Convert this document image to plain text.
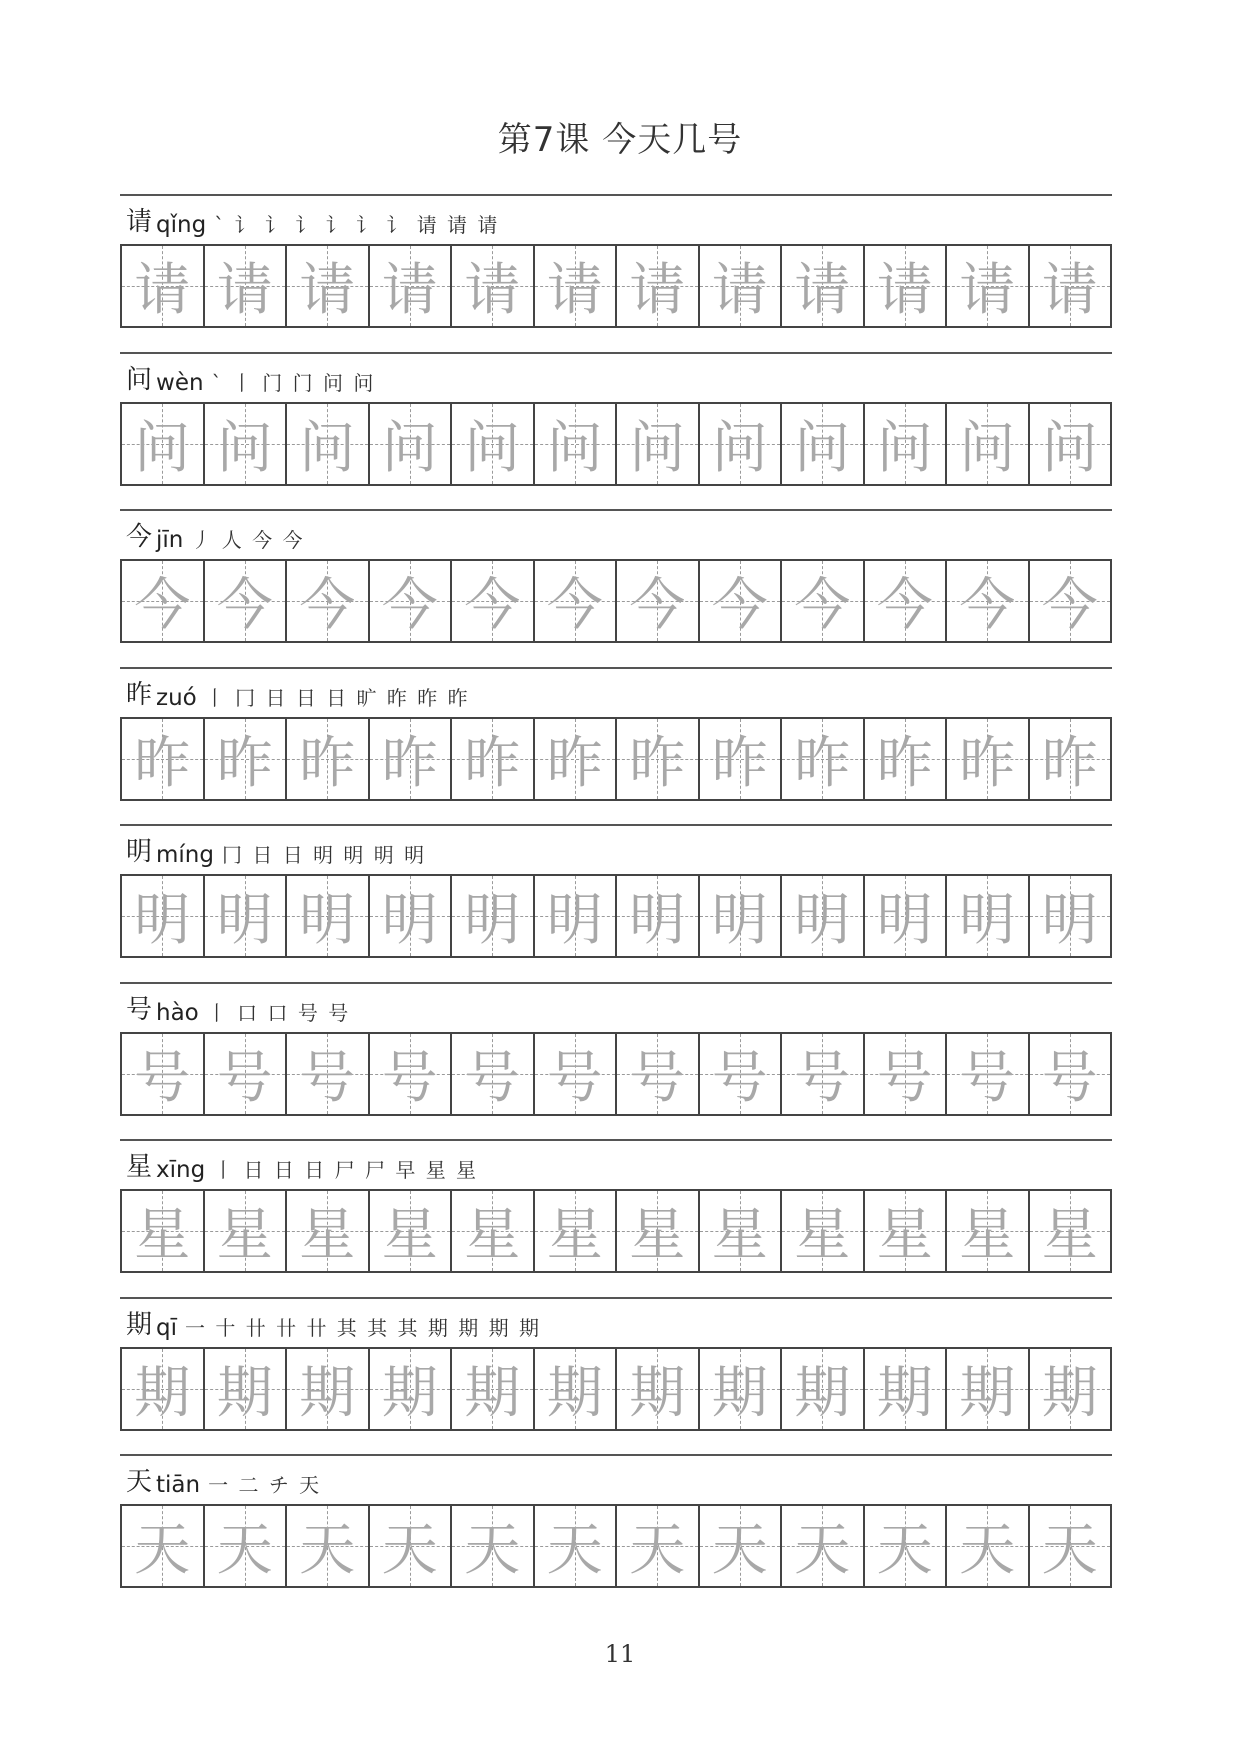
第7课 今天几号
请 qǐng ` 讠 讠 讠 讠 讠 讠 请 请 请
请 请 请 请 请 请 请 请 请 请 请 请
问 wèn ` 丨 门 门 问 问
问 问 问 问 问 问 问 问 问 问 问 问
今 jīn 丿 人 今 今
今 今 今 今 今 今 今 今 今 今 今 今
昨 zuó 丨 冂 日 日 日 旷 昨 昨 昨
昨 昨 昨 昨 昨 昨 昨 昨 昨 昨 昨 昨
明 míng 冂 日 日 明 明 明 明
明 明 明 明 明 明 明 明 明 明 明 明
号 hào 丨 口 口 号 号
号 号 号 号 号 号 号 号 号 号 号 号
星 xīng 丨 日 日 日 尸 尸 早 星 星
星 星 星 星 星 星 星 星 星 星 星 星
期 qī 一 十 卄 卄 卄 其 其 其 期 期 期 期
期 期 期 期 期 期 期 期 期 期 期 期
天 tiān 一 二 チ 天
天 天 天 天 天 天 天 天 天 天 天 天
11
